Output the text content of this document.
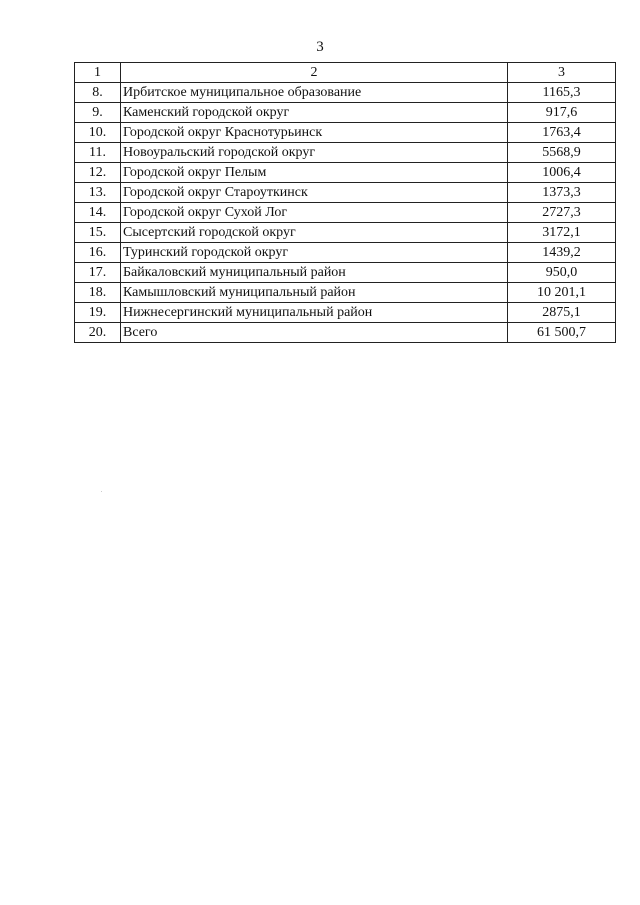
3
1	2	3
8.	Ирбитское муниципальное образование	1165,3
9.	Каменский городской округ	917,6
10.	Городской округ Краснотурьинск	1763,4
11.	Новоуральский городской округ	5568,9
12.	Городской округ Пелым	1006,4
13.	Городской округ Староуткинск	1373,3
14.	Городской округ Сухой Лог	2727,3
15.	Сысертский городской округ	3172,1
16.	Туринский городской округ	1439,2
17.	Байкаловский муниципальный район	950,0
18.	Камышловский муниципальный район	10 201,1
19.	Нижнесергинский муниципальный район	2875,1
20.	Всего	61 500,7
